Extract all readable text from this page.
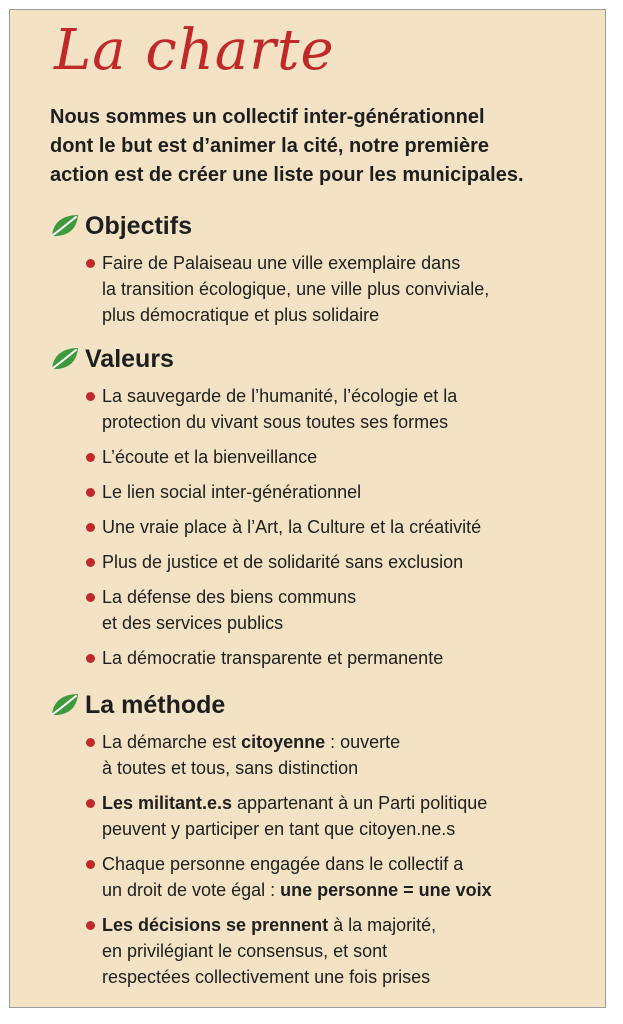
La charte
Nous sommes un collectif inter-générationnel
dont le but est d’animer la cité, notre première
action est de créer une liste pour les municipales.
Objectifs
Faire de Palaiseau une ville exemplaire dans
la transition écologique, une ville plus conviviale,
plus démocratique et plus solidaire
Valeurs
La sauvegarde de l’humanité, l’écologie et la
protection du vivant sous toutes ses formes
L’écoute et la bienveillance
Le lien social inter-générationnel
Une vraie place à l’Art, la Culture et la créativité
Plus de justice et de solidarité sans exclusion
La défense des biens communs
et des services publics
La démocratie transparente et permanente
La méthode
La démarche est citoyenne : ouverte
à toutes et tous, sans distinction
Les militant.e.s appartenant à un Parti politique
peuvent y participer en tant que citoyen.ne.s
Chaque personne engagée dans le collectif a
un droit de vote égal : une personne = une voix
Les décisions se prennent à la majorité,
en privilégiant le consensus, et sont
respectées collectivement une fois prises
